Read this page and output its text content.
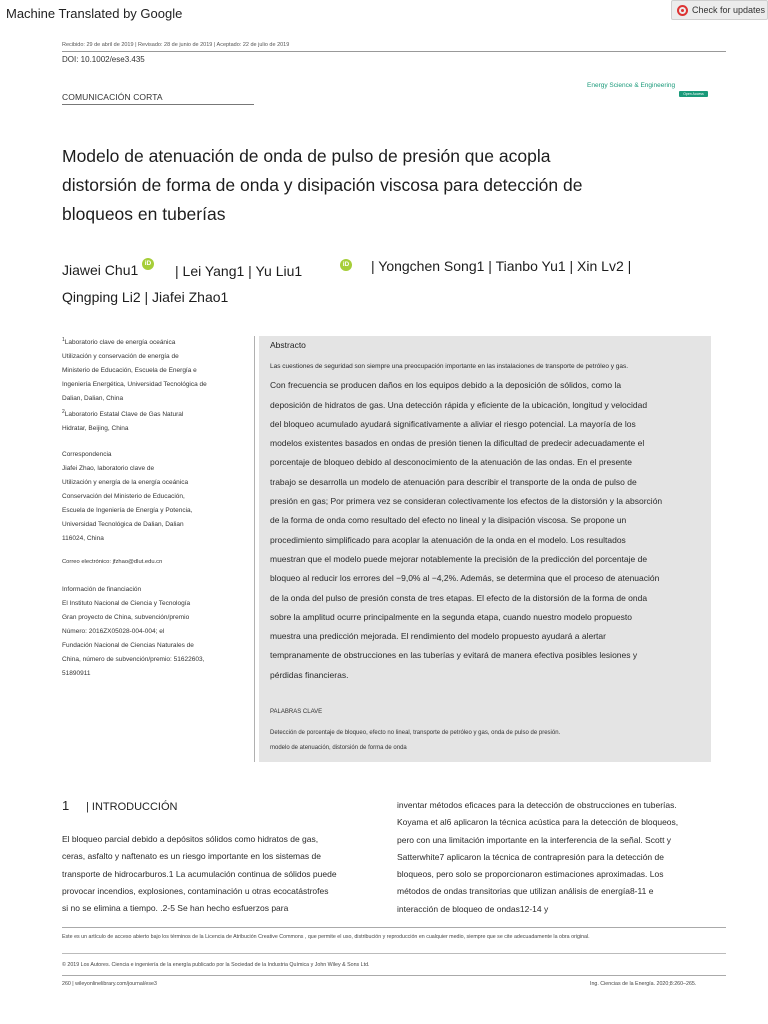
Machine Translated by Google	Check for updates
Recibido: 29 de abril de 2019 | Revisado: 28 de junio de 2019 | Aceptado: 22 de julio de 2019
DOI: 10.1002/ese3.435
COMUNICACIÓN CORTA
Energy Science & Engineering
Open Access
Modelo de atenuación de onda de pulso de presión que acopla
distorsión de forma de onda y disipación viscosa para detección de
bloqueos en tuberías
Jiawei Chu1 iD | Lei Yang1 | Yu Liu1	iD | Yongchen Song1 | Tianbo Yu1 | Xin Lv2 |
Qingping Li2 | Jiafei Zhao1
$^1$Laboratorio clave de energía oceánica
Utilización y conservación de energía de
Ministerio de Educación, Escuela de Energía e
Ingeniería Energética, Universidad Tecnológica de
Dalian, Dalian, China
$^2$Laboratorio Estatal Clave de Gas Natural
Hidratar, Beijing, China
Correspondencia
Jiafei Zhao, laboratorio clave de
Utilización y energía de la energía oceánica
Conservación del Ministerio de Educación,
Escuela de Ingeniería de Energía y Potencia,
Universidad Tecnológica de Dalian, Dalian
116024, China
Correo electrónico: jfzhao@dlut.edu.cn
Información de financiación
El Instituto Nacional de Ciencia y Tecnología
Gran proyecto de China, subvención/premio
Número: 2016ZX05028-004-004; el
Fundación Nacional de Ciencias Naturales de
China, número de subvención/premio: 51622603,
51890911
Abstracto
Las cuestiones de seguridad son siempre una preocupación importante en las instalaciones de transporte de petróleo y gas.
Con frecuencia se producen daños en los equipos debido a la deposición de sólidos, como la
deposición de hidratos de gas. Una detección rápida y eficiente de la ubicación, longitud y velocidad
del bloqueo acumulado ayudará significativamente a aliviar el riesgo potencial. La mayoría de los
modelos existentes basados en ondas de presión tienen la dificultad de predecir adecuadamente el
porcentaje de bloqueo debido al desconocimiento de la atenuación de las ondas. En el presente
trabajo se desarrolla un modelo de atenuación para describir el transporte de la onda de pulso de
presión en gas; Por primera vez se consideran colectivamente los efectos de la distorsión y la absorción
de la forma de onda como resultado del efecto no lineal y la disipación viscosa. Se propone un
procedimiento simplificado para acoplar la atenuación de la onda en el modelo. Los resultados
muestran que el modelo puede mejorar notablemente la precisión de la predicción del porcentaje de
bloqueo al reducir los errores del −9,0% al −4,2%. Además, se determina que el proceso de atenuación
de la onda del pulso de presión consta de tres etapas. El efecto de la distorsión de la forma de onda
sobre la amplitud ocurre principalmente en la segunda etapa, cuando nuestro modelo propuesto
muestra una predicción mejorada. El rendimiento del modelo propuesto ayudará a alertar
tempranamente de obstrucciones en las tuberías y evitará de manera efectiva posibles lesiones y
pérdidas financieras.
PALABRAS CLAVE
Detección de porcentaje de bloqueo, efecto no lineal, transporte de petróleo y gas, onda de pulso de presión.
modelo de atenuación, distorsión de forma de onda
1 | INTRODUCCIÓN
El bloqueo parcial debido a depósitos sólidos como hidratos de gas,
ceras, asfalto y naftenato es un riesgo importante en los sistemas de
transporte de hidrocarburos.1 La acumulación continua de sólidos puede
provocar incendios, explosiones, contaminación u otras ecocatástrofes
si no se elimina a tiempo. .2-5 Se han hecho esfuerzos para
inventar métodos eficaces para la detección de obstrucciones en tuberías.
Koyama et al6 aplicaron la técnica acústica para la detección de bloqueos,
pero con una limitación importante en la interferencia de la señal. Scott y
Satterwhite7 aplicaron la técnica de contrapresión para la detección de
bloqueos, pero solo se proporcionaron estimaciones aproximadas. Los
métodos de ondas transitorias que utilizan análisis de energía8-11 e
interacción de bloqueo de ondas12-14 y
Este es un artículo de acceso abierto bajo los términos de la Licencia de Atribución Creative Commons , que permite el uso, distribución y reproducción en cualquier medio, siempre que se cite adecuadamente la obra original.
© 2019 Los Autores. Ciencia e ingeniería de la energía publicado por la Sociedad de la Industria Química y John Wiley & Sons Ltd.
260 | wileyonlinelibrary.com/journal/ese3	Ing. Ciencias de la Energía. 2020;8:260–265.
